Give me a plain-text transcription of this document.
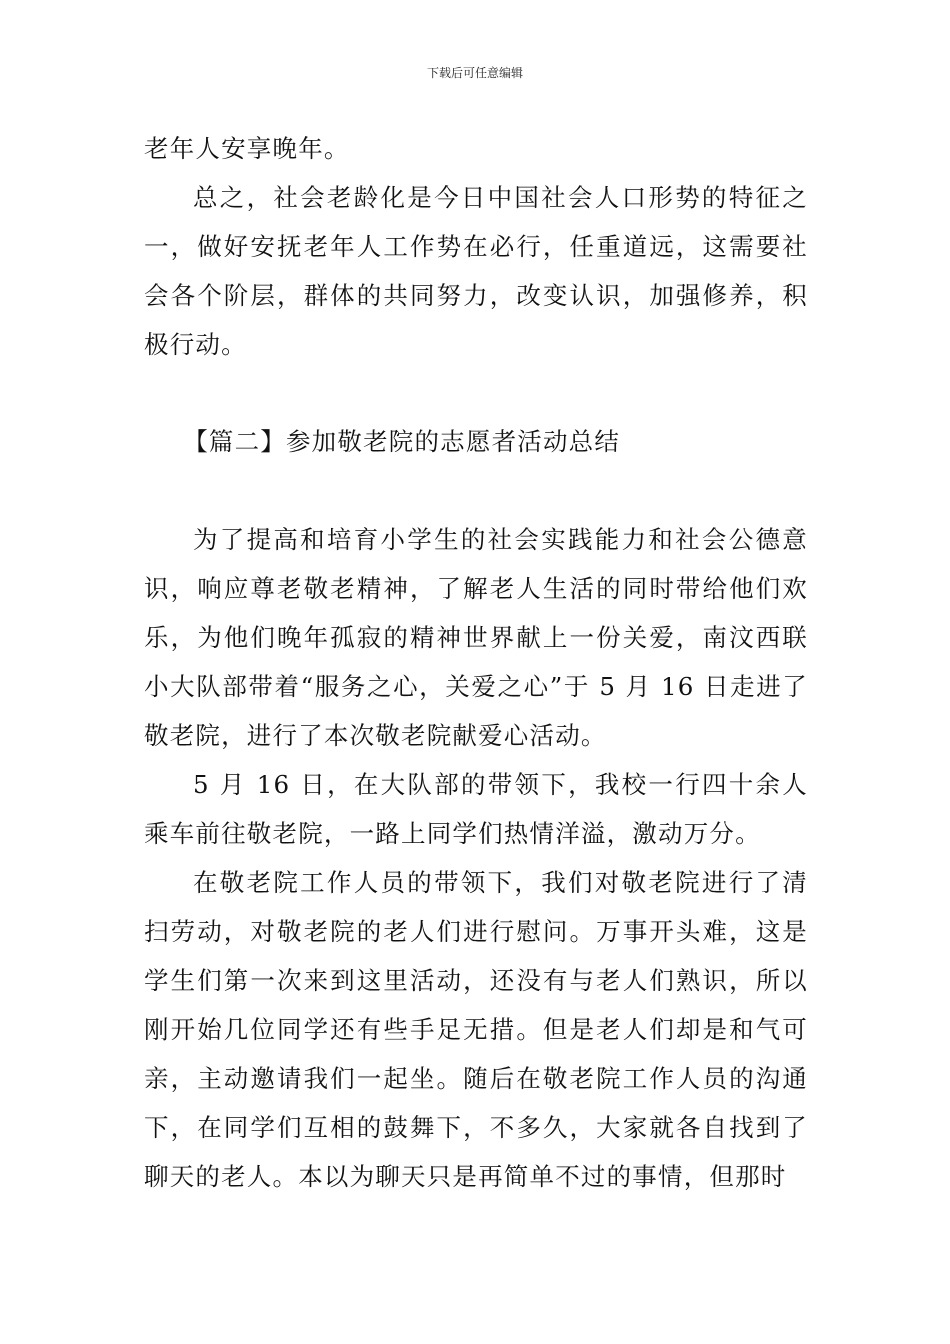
下载后可任意编辑

老年人安享晚年。

总之，社会老龄化是今日中国社会人口形势的特征之一，做好安抚老年人工作势在必行，任重道远，这需要社会各个阶层，群体的共同努力，改变认识，加强修养，积极行动。

【篇二】参加敬老院的志愿者活动总结

为了提高和培育小学生的社会实践能力和社会公德意识，响应尊老敬老精神，了解老人生活的同时带给他们欢乐，为他们晚年孤寂的精神世界献上一份关爱，南汶西联小大队部带着“服务之心，关爱之心”于 5 月 16 日走进了敬老院，进行了本次敬老院献爱心活动。

5 月 16 日，在大队部的带领下，我校一行四十余人乘车前往敬老院，一路上同学们热情洋溢，激动万分。

在敬老院工作人员的带领下，我们对敬老院进行了清扫劳动，对敬老院的老人们进行慰问。万事开头难，这是学生们第一次来到这里活动，还没有与老人们熟识，所以刚开始几位同学还有些手足无措。但是老人们却是和气可亲，主动邀请我们一起坐。随后在敬老院工作人员的沟通下，在同学们互相的鼓舞下，不多久，大家就各自找到了聊天的老人。本以为聊天只是再简单不过的事情，但那时
